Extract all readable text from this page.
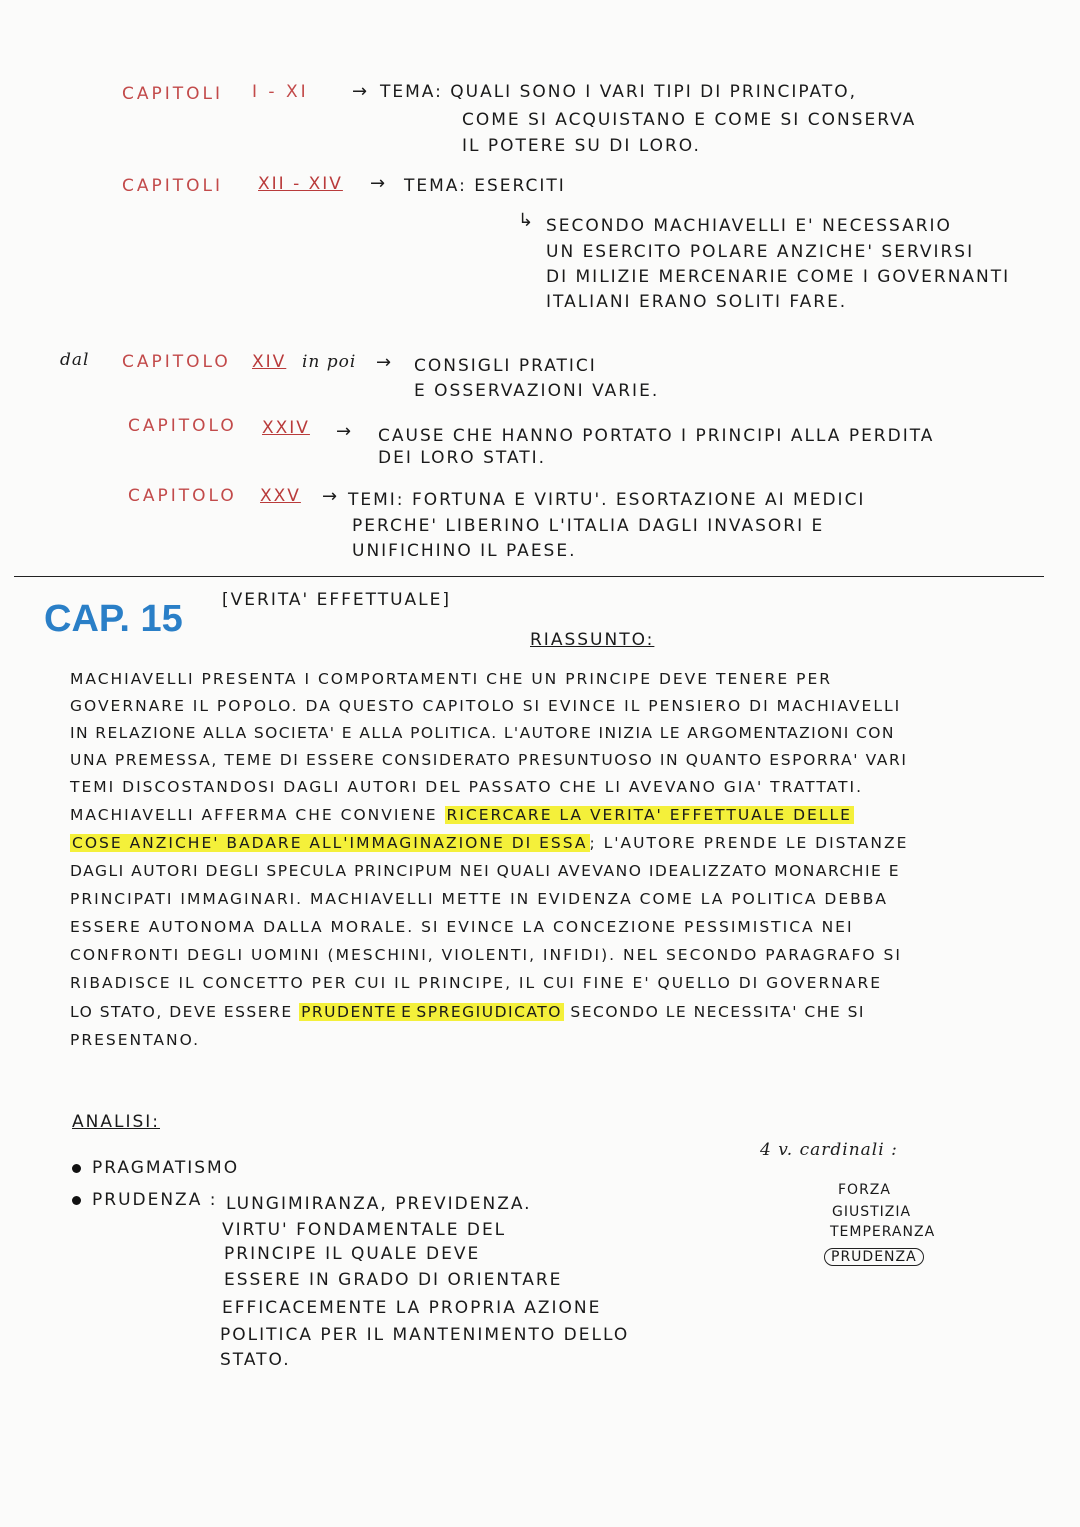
CAPITOLI I - XI → TEMA: QUALI SONO I VARI TIPI DI PRINCIPATO,
COME SI ACQUISTANO E COME SI CONSERVA
IL POTERE SU DI LORO.
CAPITOLI XII - XIV → TEMA: ESERCITI
↳ SECONDO MACHIAVELLI E' NECESSARIO
UN ESERCITO POLARE ANZICHE' SERVIRSI
DI MILIZIE MERCENARIE COME I GOVERNANTI
ITALIANI ERANO SOLITI FARE.
dal CAPITOLO XIV in poi → CONSIGLI PRATICI
E OSSERVAZIONI VARIE.
CAPITOLO XXIV → CAUSE CHE HANNO PORTATO I PRINCIPI ALLA PERDITA
DEI LORO STATI.
CAPITOLO XXV → TEMI: FORTUNA E VIRTU'. ESORTAZIONE AI MEDICI
PERCHE' LIBERINO L'ITALIA DAGLI INVASORI E
UNIFICHINO IL PAESE.
CAP. 15 [VERITA' EFFETTUALE]
RIASSUNTO:
MACHIAVELLI PRESENTA I COMPORTAMENTI CHE UN PRINCIPE DEVE TENERE PER
GOVERNARE IL POPOLO. DA QUESTO CAPITOLO SI EVINCE IL PENSIERO DI MACHIAVELLI
IN RELAZIONE ALLA SOCIETA' E ALLA POLITICA. L'AUTORE INIZIA LE ARGOMENTAZIONI CON
UNA PREMESSA, TEME DI ESSERE CONSIDERATO PRESUNTUOSO IN QUANTO ESPORRA' VARI
TEMI DISCOSTANDOSI DAGLI AUTORI DEL PASSATO CHE LI AVEVANO GIA' TRATTATI.
MACHIAVELLI AFFERMA CHE CONVIENE RICERCARE LA VERITA' EFFETTUALE DELLE
COSE ANZICHE' BADARE ALL'IMMAGINAZIONE DI ESSA ; L'AUTORE PRENDE LE DISTANZE
DAGLI AUTORI DEGLI SPECULA PRINCIPUM NEI QUALI AVEVANO IDEALIZZATO MONARCHIE E
PRINCIPATI IMMAGINARI. MACHIAVELLI METTE IN EVIDENZA COME LA POLITICA DEBBA
ESSERE AUTONOMA DALLA MORALE. SI EVINCE LA CONCEZIONE PESSIMISTICA NEI
CONFRONTI DEGLI UOMINI (MESCHINI, VIOLENTI, INFIDI). NEL SECONDO PARAGRAFO SI
RIBADISCE IL CONCETTO PER CUI IL PRINCIPE, IL CUI FINE E' QUELLO DI GOVERNARE
LO STATO, DEVE ESSERE PRUDENTE E SPREGIUDICATO SECONDO LE NECESSITA' CHE SI
PRESENTANO.
ANALISI:
PRAGMATISMO
PRUDENZA : LUNGIMIRANZA, PREVIDENZA.
VIRTU' FONDAMENTALE DEL
PRINCIPE IL QUALE DEVE
ESSERE IN GRADO DI ORIENTARE
EFFICACEMENTE LA PROPRIA AZIONE
POLITICA PER IL MANTENIMENTO DELLO
STATO.
4 v. cardinali :
FORZA
GIUSTIZIA
TEMPERANZA
PRUDENZA
